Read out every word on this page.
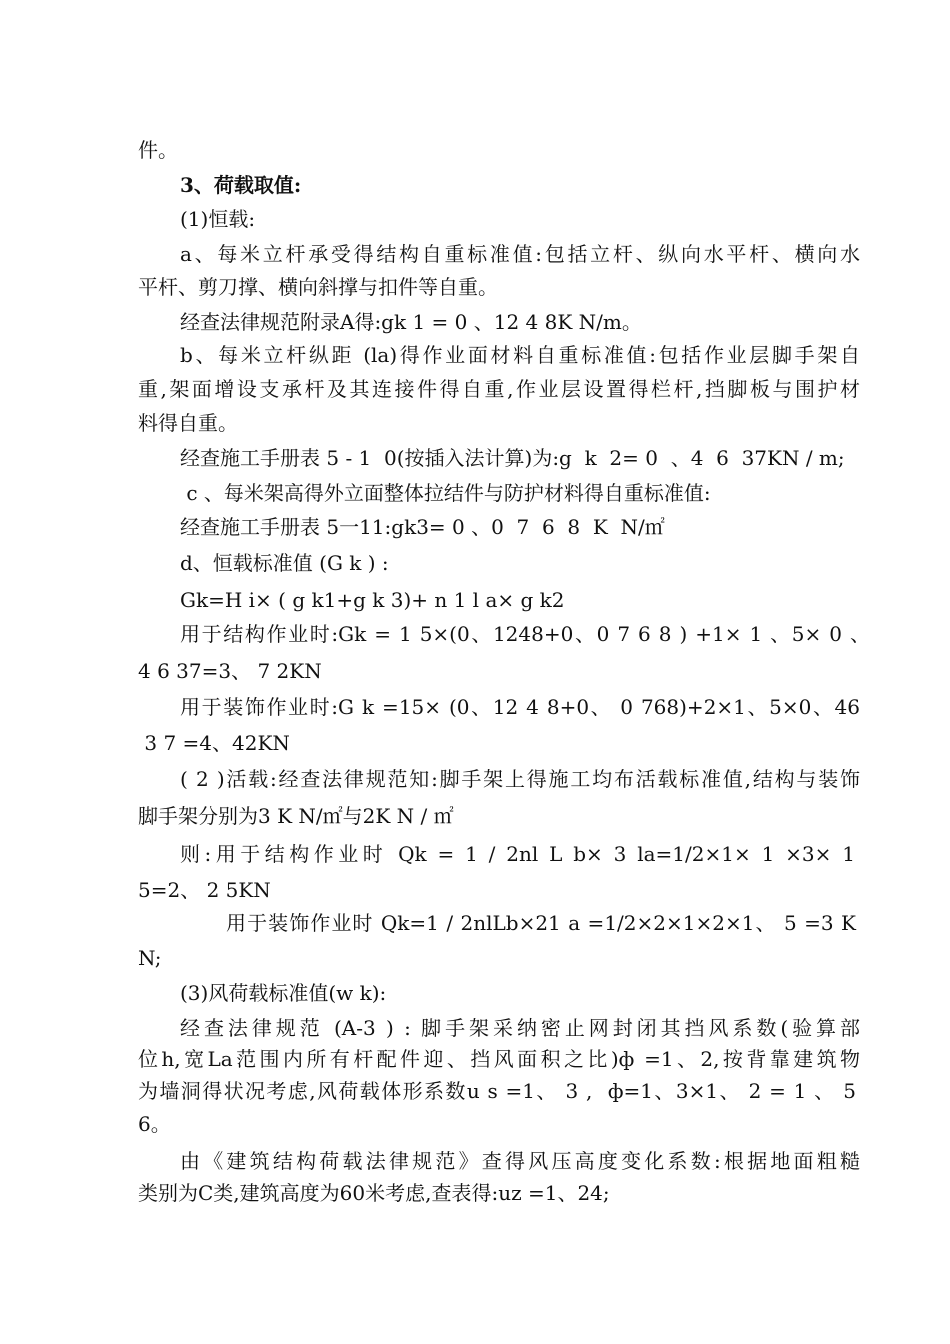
件。
3、荷载取值:
(1)恒载:
a、每米立杆承受得结构自重标准值:包括立杆、纵向水平杆、横向水
平杆、剪刀撑、横向斜撑与扣件等自重。
经查法律规范附录A得:gk 1 = 0 、12 4 8K N/m。
b、每米立杆纵距 (la)得作业面材料自重标准值:包括作业层脚手架自
重,架面增设支承杆及其连接件得自重,作业层设置得栏杆,挡脚板与围护材
料得自重。
经查施工手册表 5 - 1  0(按插入法计算)为:g  k  2= 0  、4  6  37KN / m;
c 、每米架高得外立面整体拉结件与防护材料得自重标准值:
经查施工手册表 5一11:gk3= 0 、0  7  6  8  K  N/㎡
d、恒载标准值 (G k ) :
Gk=H i× ( g k1+g k 3)+ n 1 l a× g k2
用于结构作业时:Gk = 1 5×(0、1248+0、0 7 6 8 ) +1× 1 、5× 0 、
4 6 37=3、 7 2KN
用于装饰作业时:G k =15× (0、12 4 8+0、 0 768)+2×1、5×0、46
3 7 =4、42KN
( 2 )活载:经查法律规范知:脚手架上得施工均布活载标准值,结构与装饰
脚手架分别为3 K N/㎡与2K N / ㎡
则:用于结构作业时 Qk = 1 / 2nl L b× 3 la=1/2×1× 1 ×3× 1
5=2、 2 5KN
用于装饰作业时 Qk=1 / 2nlLb×21 a =1/2×2×1×2×1、 5 =3 K
N;
(3)风荷载标准值(w k):
经查法律规范 (A-3 ) : 脚手架采纳密止网封闭其挡风系数(验算部
位h,宽La范围内所有杆配件迎、挡风面积之比)ф =1、2,按背靠建筑物
为墙洞得状况考虑,风荷载体形系数u s =1、 3 ,  ф=1、3×1、 2 = 1 、 5
6。
由《建筑结构荷载法律规范》查得风压高度变化系数:根据地面粗糙
类别为C类,建筑高度为60米考虑,查表得:uz =1、24;
